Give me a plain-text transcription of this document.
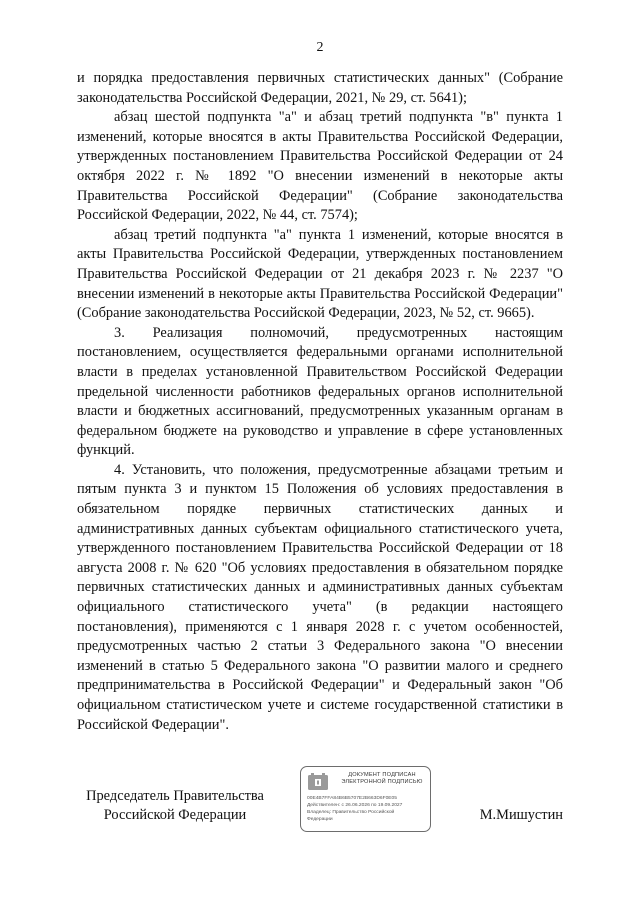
2

и порядка предоставления первичных статистических данных" (Собрание законодательства Российской Федерации, 2021, № 29, ст. 5641);

абзац шестой подпункта "а" и абзац третий подпункта "в" пункта 1 изменений, которые вносятся в акты Правительства Российской Федерации, утвержденных постановлением Правительства Российской Федерации от 24 октября 2022 г. № 1892 "О внесении изменений в некоторые акты Правительства Российской Федерации" (Собрание законодательства Российской Федерации, 2022, № 44, ст. 7574);

абзац третий подпункта "а" пункта 1 изменений, которые вносятся в акты Правительства Российской Федерации, утвержденных постановлением Правительства Российской Федерации от 21 декабря 2023 г. № 2237 "О внесении изменений в некоторые акты Правительства Российской Федерации" (Собрание законодательства Российской Федерации, 2023, № 52, ст. 9665).

3. Реализация полномочий, предусмотренных настоящим постановлением, осуществляется федеральными органами исполнительной власти в пределах установленной Правительством Российской Федерации предельной численности работников федеральных органов исполнительной власти и бюджетных ассигнований, предусмотренных указанным органам в федеральном бюджете на руководство и управление в сфере установленных функций.

4. Установить, что положения, предусмотренные абзацами третьим и пятым пункта 3 и пунктом 15 Положения об условиях предоставления в обязательном порядке первичных статистических данных и административных данных субъектам официального статистического учета, утвержденного постановлением Правительства Российской Федерации от 18 августа 2008 г. № 620 "Об условиях предоставления в обязательном порядке первичных статистических данных и административных данных субъектам официального статистического учета" (в редакции настоящего постановления), применяются с 1 января 2028 г. с учетом особенностей, предусмотренных частью 2 статьи 3 Федерального закона "О внесении изменений в статью 5 Федерального закона "О развитии малого и среднего предпринимательства в Российской Федерации" и Федеральный закон "Об официальном статистическом учете и системе государственной статистики в Российской Федерации".

Председатель Правительства
Российской Федерации
ДОКУМЕНТ ПОДПИСАН
ЭЛЕКТРОННОЙ ПОДПИСЬЮ
00E4B7FFA84B6B5707E2B663D6F0E05
Действителен: с 26.06.2026 по 19.09.2027
Владелец: Правительство Российской
Федерации	М.Мишустин
